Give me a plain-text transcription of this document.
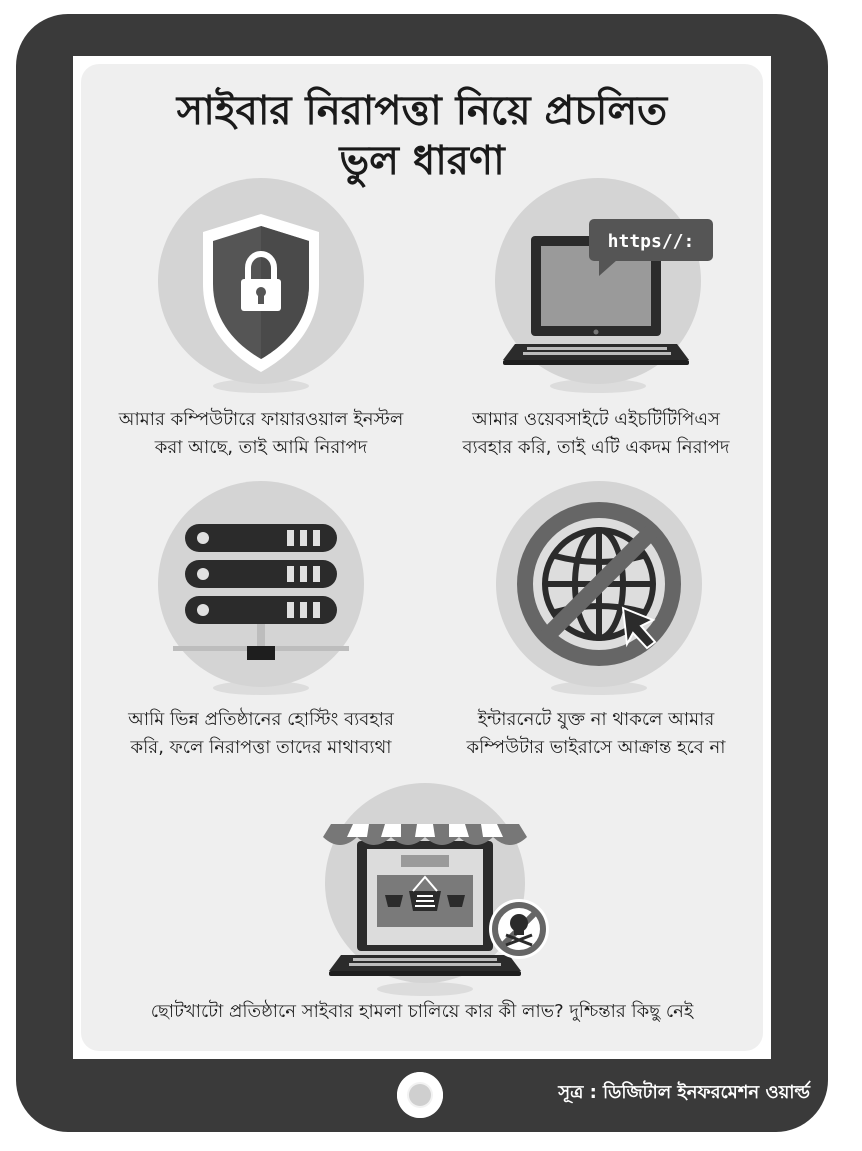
সাইবার নিরাপত্তা নিয়ে প্রচলিত
ভুল ধারণা

আমার কম্পিউটারে ফায়ারওয়াল ইনস্টল
করা আছে, তাই আমি নিরাপদ

https//:

আমার ওয়েবসাইটে এইচটিটিপিএস
ব্যবহার করি, তাই এটি একদম নিরাপদ

আমি ভিন্ন প্রতিষ্ঠানের হোস্টিং ব্যবহার
করি, ফলে নিরাপত্তা তাদের মাথাব্যথা

ইন্টারনেটে যুক্ত না থাকলে আমার
কম্পিউটার ভাইরাসে আক্রান্ত হবে না

ছোটখাটো প্রতিষ্ঠানে সাইবার হামলা চালিয়ে কার কী লাভ? দুশ্চিন্তার কিছু নেই

সূত্র : ডিজিটাল ইনফরমেশন ওয়ার্ল্ড
